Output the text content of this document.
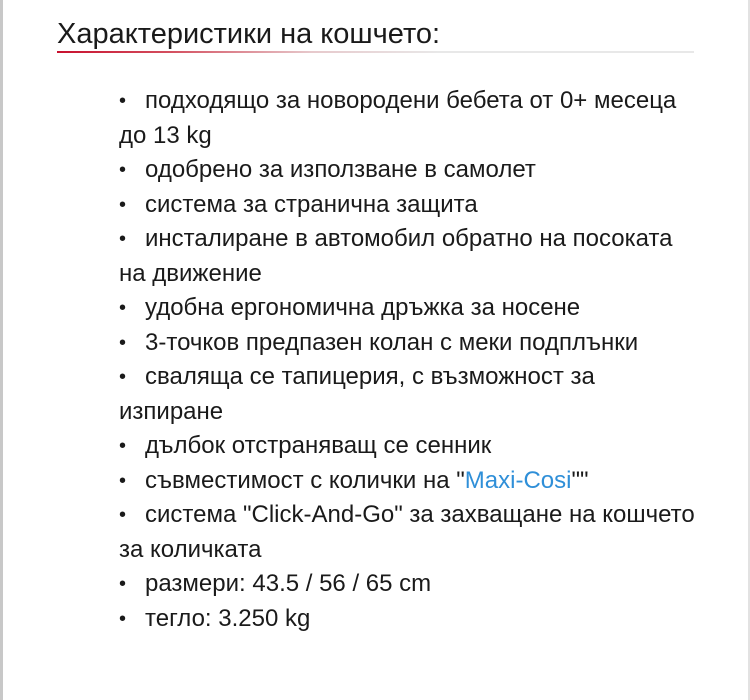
Характеристики на кошчето:
• подходящо за новородени бебета от 0+ месеца до 13 kg
• одобрено за използване в самолет
• система за странична защита
• инсталиране в автомобил обратно на посоката на движение
• удобна ергономична дръжка за носене
• 3-точков предпазен колан с меки подплънки
• сваляща се тапицерия, с възможност за изпиране
• дълбок отстраняващ се сенник
• съвместимост с колички на "Maxi-Cosi""
• система "Click-And-Go" за захващане на кошчето за количката
• размери: 43.5 / 56 / 65 cm
• тегло: 3.250 kg
